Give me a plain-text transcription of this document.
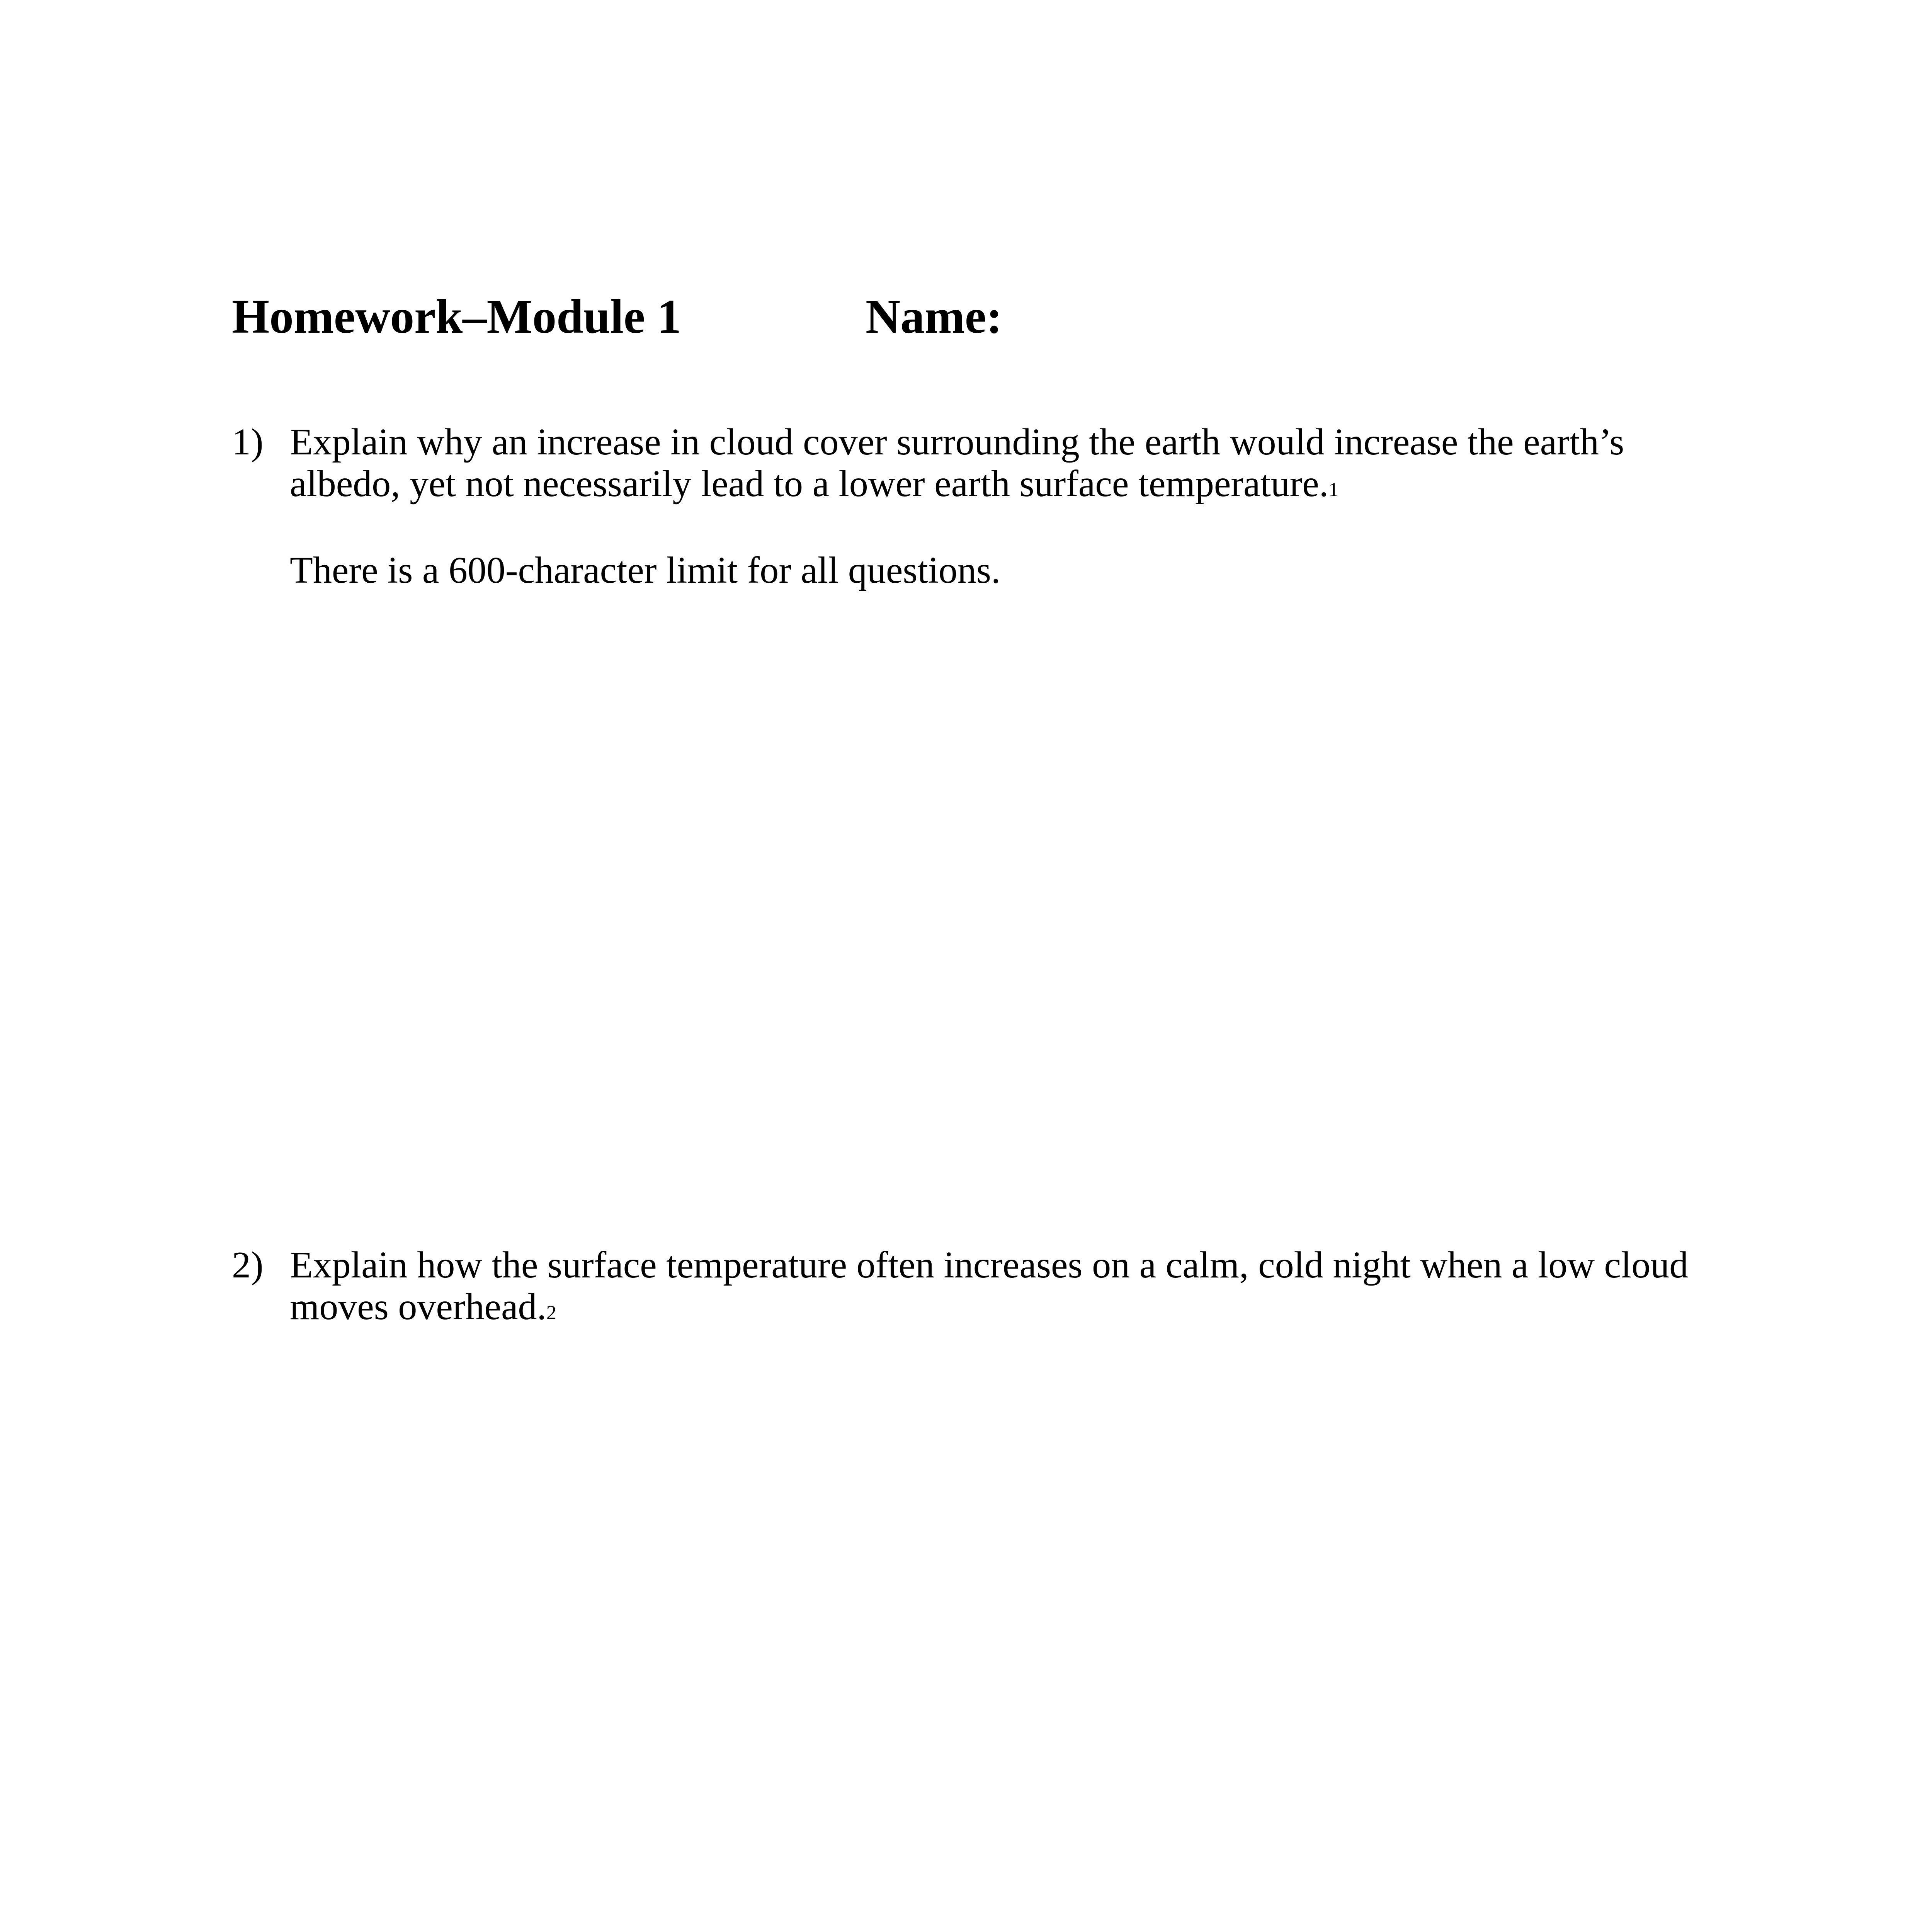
Homework–Module 1	Name:
1) Explain why an increase in cloud cover surrounding the earth would increase the earth’s albedo, yet not necessarily lead to a lower earth surface temperature.1
There is a 600-character limit for all questions.
2) Explain how the surface temperature often increases on a calm, cold night when a low cloud moves overhead.2
